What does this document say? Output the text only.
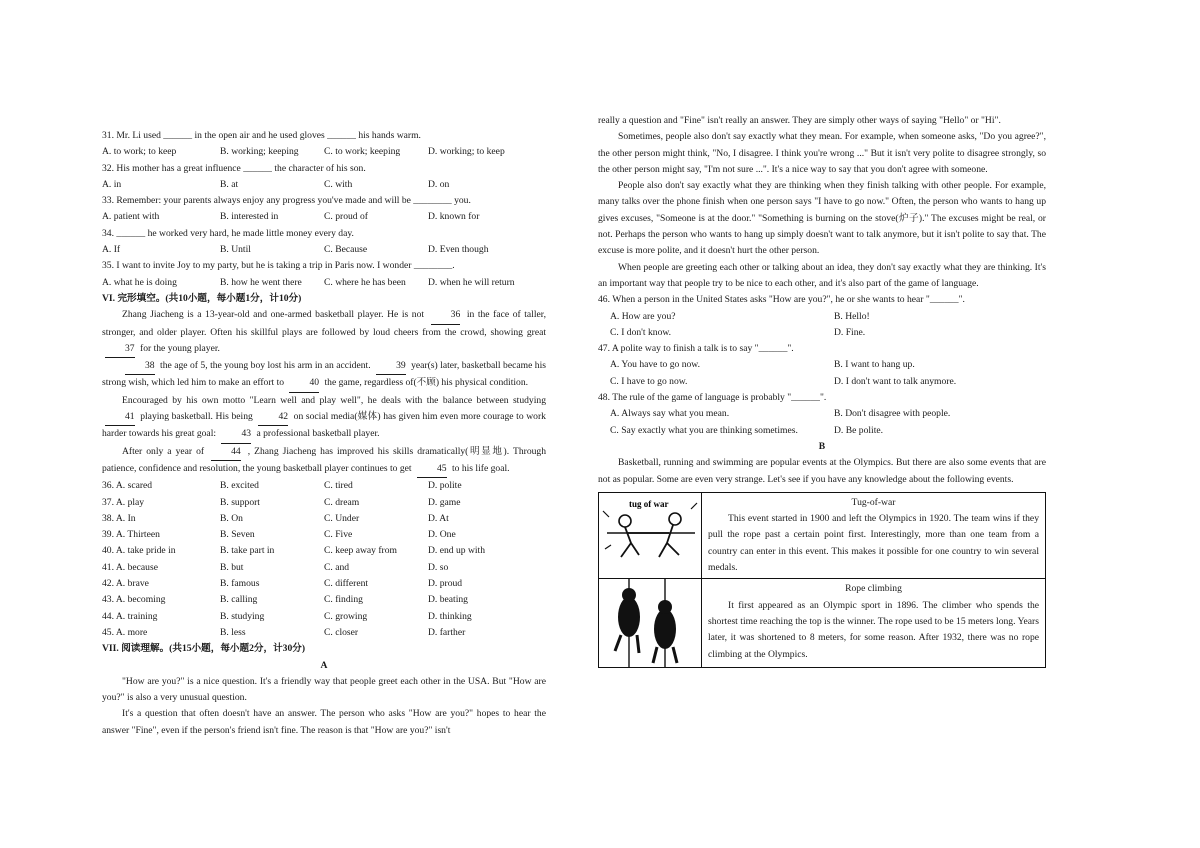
31. Mr. Li used ______ in the open air and he used gloves ______ his hands warm.
A. to work; to keep	B. working; keeping	C. to work; keeping	D. working; to keep
32. His mother has a great influence ______ the character of his son.
A. in	B. at	C. with	D. on
33. Remember: your parents always enjoy any progress you've made and will be ________ you.
A. patient with	B. interested in	C. proud of	D. known for
34. ______ he worked very hard, he made little money every day.
A. If	B. Until	C. Because	D. Even though
35. I want to invite Joy to my party, but he is taking a trip in Paris now. I wonder ________.
A. what he is doing	B. how he went there	C. where he has been	D. when he will return
VI. 完形填空。(共10小题，每小题1分，计10分)
Zhang Jiacheng is a 13-year-old and one-armed basketball player. He is not	36 in the face of taller, stronger, and older player. Often his skillful plays are followed by loud cheers from the crowd, showing great 37 for the young player.
38 the age of 5, the young boy lost his arm in an accident.	39 year(s) later, basketball became his strong wish, which led him to make an effort to	40 the game, regardless of(不顾) his physical condition.
Encouraged by his own motto "Learn well and play well", he deals with the balance between studying 41 playing basketball. His being	42 on social media(媒体) has given him even more courage to work harder towards his great goal:	43 a professional basketball player.
After only a year of	44 , Zhang Jiacheng has improved his skills dramatically(明显地). Through patience, confidence and resolution, the young basketball player continues to get	45 to his life goal.
36. A. scared	B. excited	C. tired	D. polite
37. A. play	B. support	C. dream	D. game
38. A. In	B. On	C. Under	D. At
39. A. Thirteen	B. Seven	C. Five	D. One
40. A. take pride in	B. take part in	C. keep away from	D. end up with
41. A. because	B. but	C. and	D. so
42. A. brave	B. famous	C. different	D. proud
43. A. becoming	B. calling	C. finding	D. beating
44. A. training	B. studying	C. growing	D. thinking
45. A. more	B. less	C. closer	D. farther
VII. 阅读理解。(共15小题，每小题2分，计30分)
A
"How are you?" is a nice question. It's a friendly way that people greet each other in the USA. But "How are you?" is also a very unusual question.
It's a question that often doesn't have an answer. The person who asks "How are you?" hopes to hear the answer "Fine", even if the person's friend isn't fine. The reason is that "How are you?" isn't
really a question and "Fine" isn't really an answer. They are simply other ways of saying "Hello" or "Hi".
Sometimes, people also don't say exactly what they mean. For example, when someone asks, "Do you agree?", the other person might think, "No, I disagree. I think you're wrong ..." But it isn't very polite to disagree strongly, so the other person might say, "I'm not sure ...". It's a nice way to say that you don't agree with someone.
People also don't say exactly what they are thinking when they finish talking with other people. For example, many talks over the phone finish when one person says "I have to go now." Often, the person who wants to hang up gives excuses, "Someone is at the door." "Something is burning on the stove(炉子)." The excuses might be real, or not. Perhaps the person who wants to hang up simply doesn't want to talk anymore, but it isn't polite to say that. The excuse is more polite, and it doesn't hurt the other person.
When people are greeting each other or talking about an idea, they don't say exactly what they are thinking. It's an important way that people try to be nice to each other, and it's also part of the game of language.
46. When a person in the United States asks "How are you?", he or she wants to hear "______".
A. How are you?	B. Hello!
C. I don't know.	D. Fine.
47. A polite way to finish a talk is to say "______".
A. You have to go now.	B. I want to hang up.
C. I have to go now.	D. I don't want to talk anymore.
48. The rule of the game of language is probably "______".
A. Always say what you mean.	B. Don't disagree with people.
C. Say exactly what you are thinking sometimes.	D. Be polite.
B
Basketball, running and swimming are popular events at the Olympics. But there are also some events that are not as popular. Some are even very strange. Let's see if you have any knowledge about the following events.
tug of war	Tug-of-war
This event started in 1900 and left the Olympics in 1920. The team wins if they pull the rope past a certain point first. Interestingly, more than one team from a country can enter in this event. This makes it possible for one country to win several medals.

Rope climbing
It first appeared as an Olympic sport in 1896. The climber who spends the shortest time reaching the top is the winner. The rope used to be 15 meters long. Years later, it was shortened to 8 meters, for some reason. After 1932, there was no rope climbing at the Olympics.
